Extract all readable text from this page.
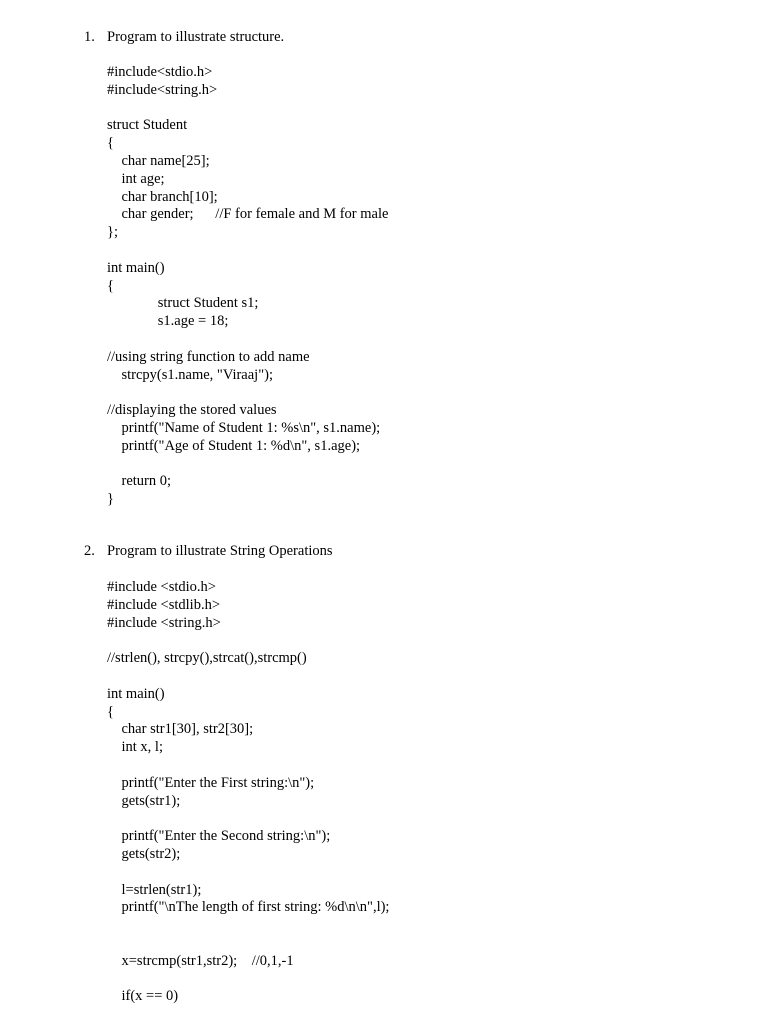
1. Program to illustrate structure.
#include<stdio.h>
#include<string.h>
struct Student
{
char name[25];
int age;
char branch[10];
char gender;      //F for female and M for male
};
int main()
{
struct Student s1;
s1.age = 18;
//using string function to add name
strcpy(s1.name, "Viraaj");
//displaying the stored values
printf("Name of Student 1: %s\n", s1.name);
printf("Age of Student 1: %d\n", s1.age);
return 0;
}
2. Program to illustrate String Operations
#include <stdio.h>
#include <stdlib.h>
#include <string.h>
//strlen(), strcpy(),strcat(),strcmp()
int main()
{
char str1[30], str2[30];
int x, l;
printf("Enter the First string:\n");
gets(str1);
printf("Enter the Second string:\n");
gets(str2);
l=strlen(str1);
printf("\nThe length of first string: %d\n\n",l);
x=strcmp(str1,str2);    //0,1,-1
if(x == 0)
